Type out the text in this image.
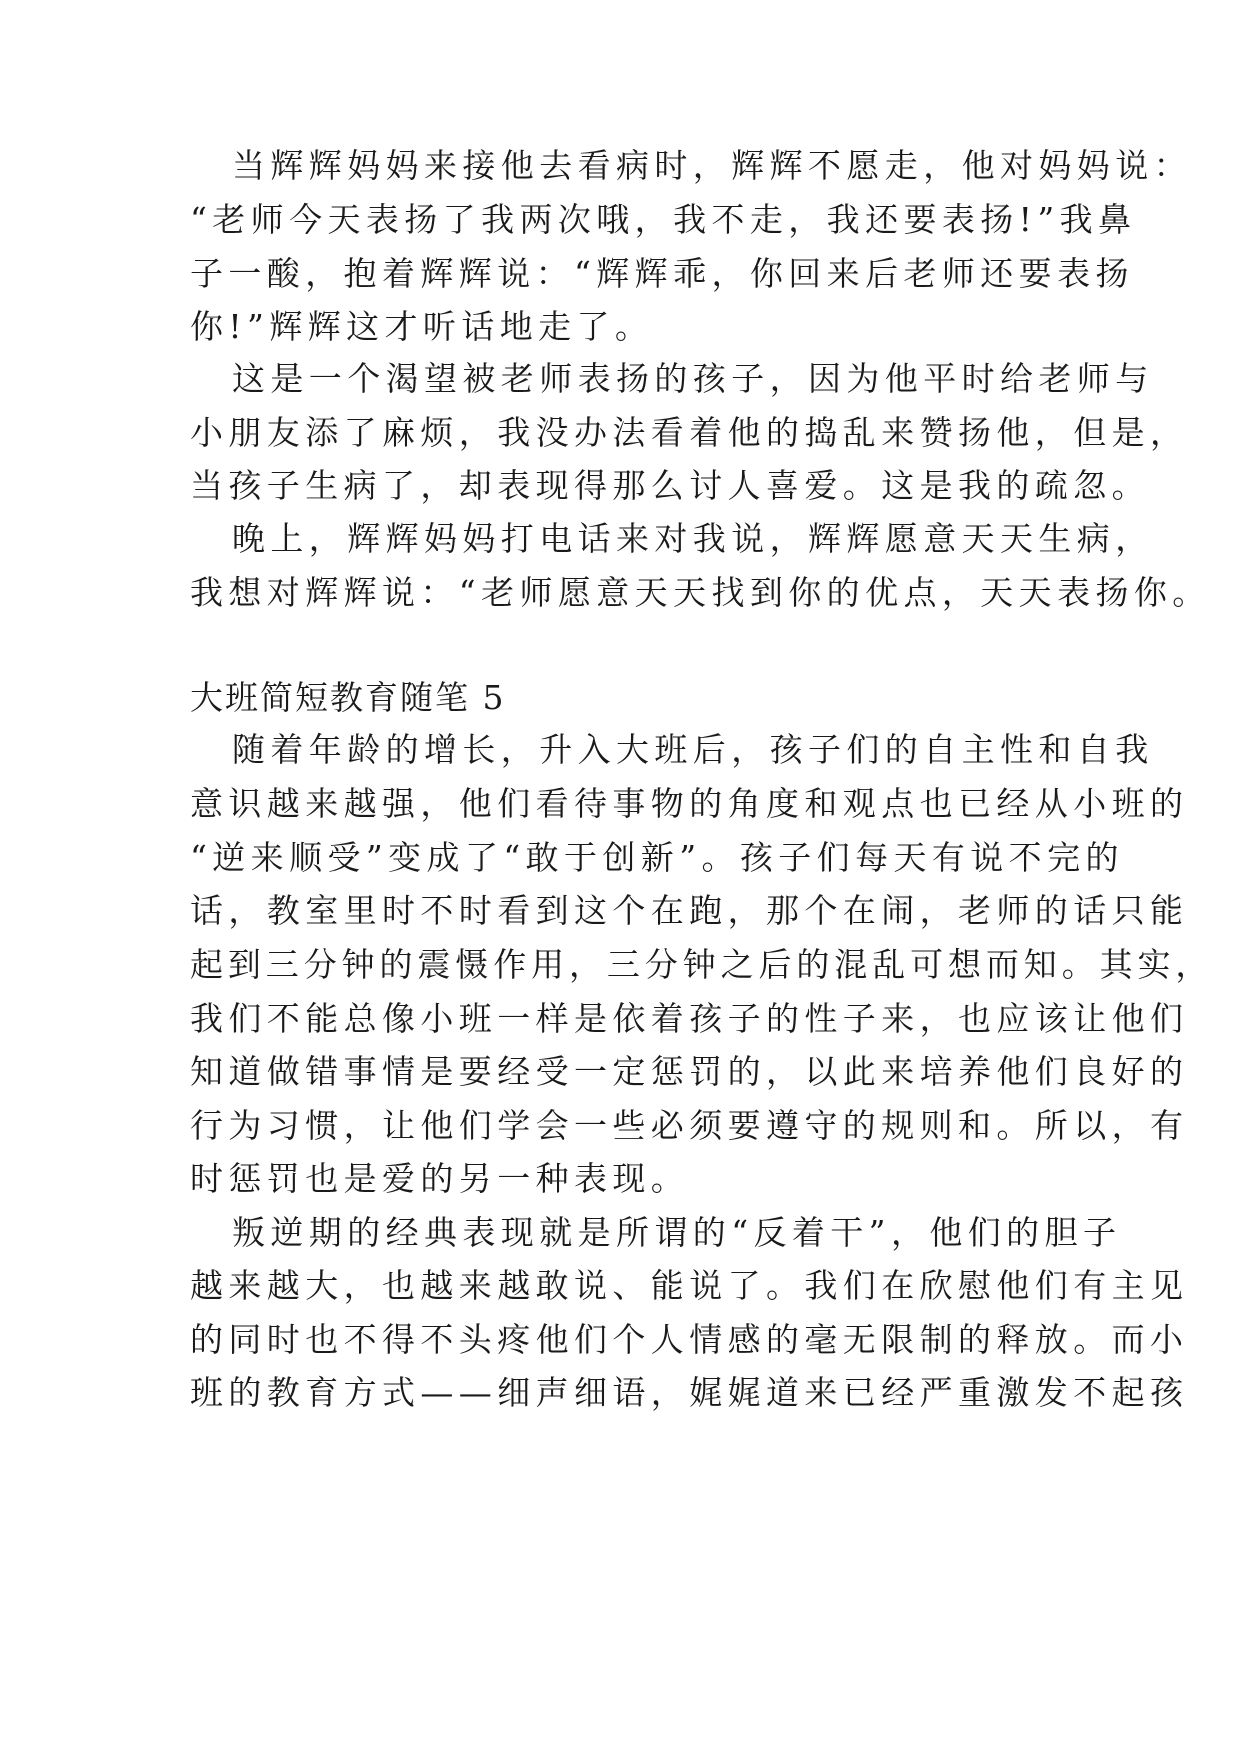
当辉辉妈妈来接他去看病时，辉辉不愿走，他对妈妈说：
“老师今天表扬了我两次哦，我不走，我还要表扬!”我鼻
子一酸，抱着辉辉说：“辉辉乖，你回来后老师还要表扬
你!”辉辉这才听话地走了。
这是一个渴望被老师表扬的孩子，因为他平时给老师与
小朋友添了麻烦，我没办法看着他的捣乱来赞扬他，但是，
当孩子生病了，却表现得那么讨人喜爱。这是我的疏忽。
晚上，辉辉妈妈打电话来对我说，辉辉愿意天天生病，
我想对辉辉说：“老师愿意天天找到你的优点，天天表扬你。
大班简短教育随笔 5
随着年龄的增长，升入大班后，孩子们的自主性和自我
意识越来越强，他们看待事物的角度和观点也已经从小班的
“逆来顺受”变成了“敢于创新”。孩子们每天有说不完的
话，教室里时不时看到这个在跑，那个在闹，老师的话只能
起到三分钟的震慑作用，三分钟之后的混乱可想而知。其实，
我们不能总像小班一样是依着孩子的性子来，也应该让他们
知道做错事情是要经受一定惩罚的，以此来培养他们良好的
行为习惯，让他们学会一些必须要遵守的规则和。所以，有
时惩罚也是爱的另一种表现。
叛逆期的经典表现就是所谓的“反着干”，他们的胆子
越来越大，也越来越敢说、能说了。我们在欣慰他们有主见
的同时也不得不头疼他们个人情感的毫无限制的释放。而小
班的教育方式——细声细语，娓娓道来已经严重激发不起孩
